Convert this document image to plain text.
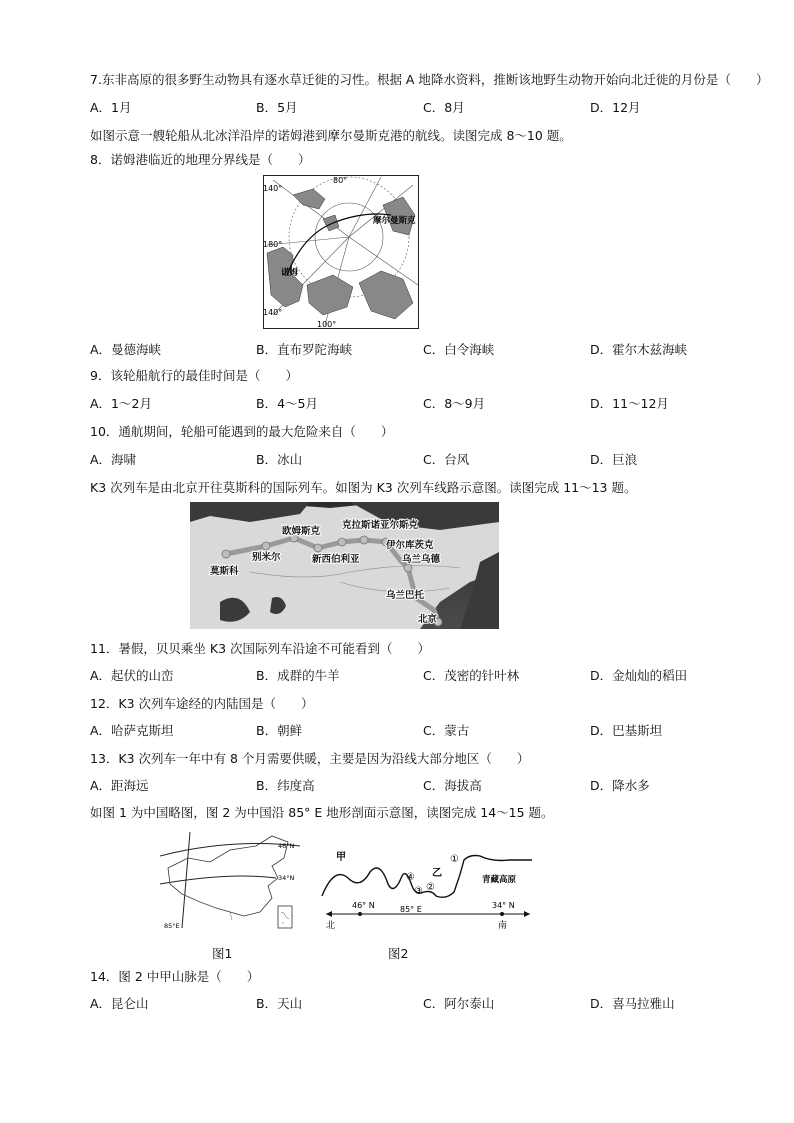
7.东非高原的很多野生动物具有逐水草迁徙的习性。根据 A 地降水资料，推断该地野生动物开始向北迁徙的月份是（　　）
A．1月	B．5月	C．8月	D．12月
如图示意一艘轮船从北冰洋沿岸的诺姆港到摩尔曼斯克港的航线。读图完成 8～10 题。
8．诺姆港临近的地理分界线是（　　）
80°
140°
180°
140°
100°
摩尔曼斯克
诺姆
A．曼德海峡	B．直布罗陀海峡	C．白令海峡	D．霍尔木兹海峡
9．该轮船航行的最佳时间是（　　）
A．1～2月	B．4～5月	C．8～9月	D．11～12月
10．通航期间，轮船可能遇到的最大危险来自（　　）
A．海啸	B．冰山	C．台风	D．巨浪
K3 次列车是由北京开往莫斯科的国际列车。如图为 K3 次列车线路示意图。读图完成 11～13 题。
莫斯科
别米尔
欧姆斯克
新西伯利亚
克拉斯诺亚尔斯克
伊尔库茨克
乌兰乌德
乌兰巴托
北京
11．暑假，贝贝乘坐 K3 次国际列车沿途不可能看到（　　）
A．起伏的山峦	B．成群的牛羊	C．茂密的针叶林	D．金灿灿的稻田
12．K3 次列车途经的内陆国是（　　）
A．哈萨克斯坦	B．朝鲜	C．蒙古	D．巴基斯坦
13．K3 次列车一年中有 8 个月需要供暖，主要是因为沿线大部分地区（　　）
A．距海远	B．纬度高	C．海拔高	D．降水多
如图 1 为中国略图，图 2 为中国沿 85° E 地形剖面示意图，读图完成 14～15 题。
46°N
34°N
85°E
图1
甲
乙
青藏高原
①
②
③
④
46° N	85° E	34° N
北	南
图2
14．图 2 中甲山脉是（　　）
A．昆仑山	B．天山	C．阿尔泰山	D．喜马拉雅山
